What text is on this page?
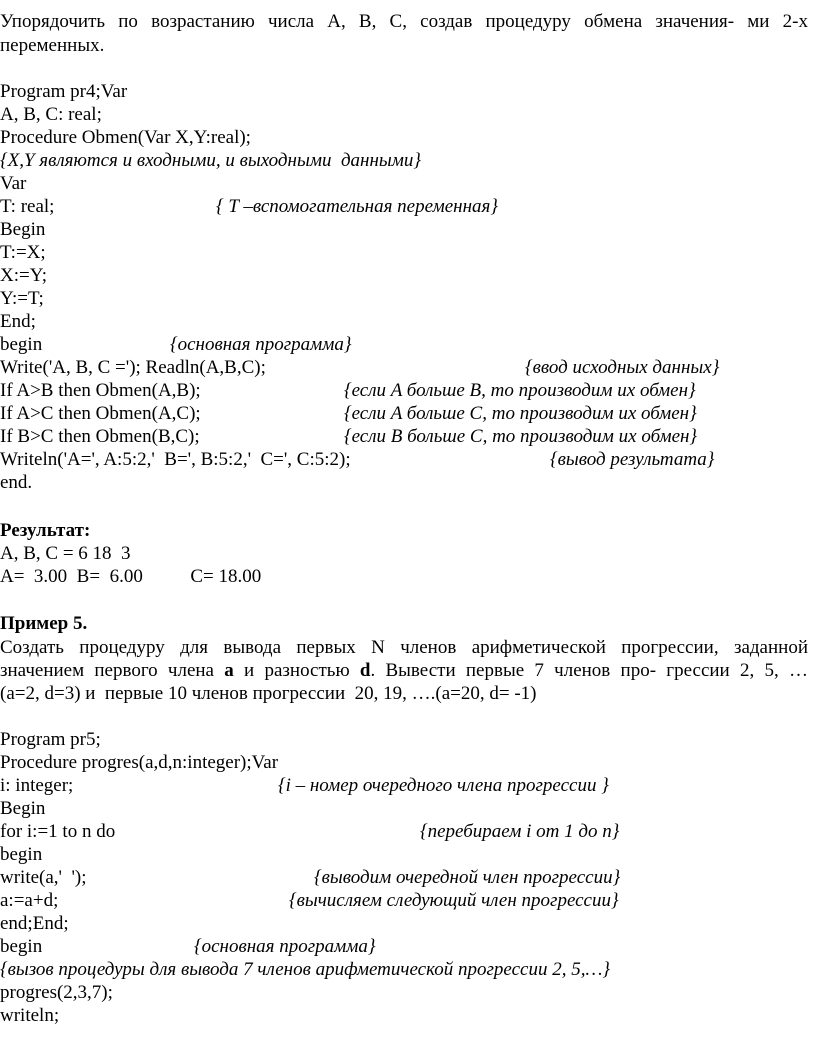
Упорядочить по возрастанию числа A, B, C, создав процедуру обмена значения- ми 2-х
переменных.
Program pr4;Var
A, B, C: real;
Procedure Obmen(Var X,Y:real);
{X,Y являются и входными, и выходными  данными}
Var
T: real;	{ T –вспомогательная переменная}
Begin
T:=X;
X:=Y;
Y:=T;
End;
begin	{основная программа}
Write('A, B, C ='); Readln(A,B,C);	{ввод исходных данных}
If A>B then Obmen(A,B);	{если A больше B, то производим их обмен}
If A>C then Obmen(A,C);	{если A больше C, то производим их обмен}
If B>C then Obmen(B,C);	{если B больше C, то производим их обмен}
Writeln('A=', A:5:2,'  B=', B:5:2,'  C=', C:5:2);	{вывод результата}
end.
Результат:
A, B, C = 6 18  3
A=  3.00  B=  6.00          C= 18.00
Пример 5.
Создать процедуру для вывода первых N членов арифметической прогрессии, заданной
значением первого члена a и разностью d. Вывести первые 7 членов про- грессии 2, 5, …
(a=2, d=3) и  первые 10 членов прогрессии  20, 19, ….(a=20, d= -1)
Program pr5;
Procedure progres(a,d,n:integer);Var
i: integer;	{i – номер очередного члена прогрессии }
Begin
for i:=1 to n do	{перебираем i от 1 до n}
begin
write(a,'  ');	{выводим очередной член прогрессии}
a:=a+d;	{вычисляем следующий член прогрессии}
end;End;
begin	{основная программа}
{вызов процедуры для вывода 7 членов арифметической прогрессии 2, 5,…}
progres(2,3,7);
writeln;
